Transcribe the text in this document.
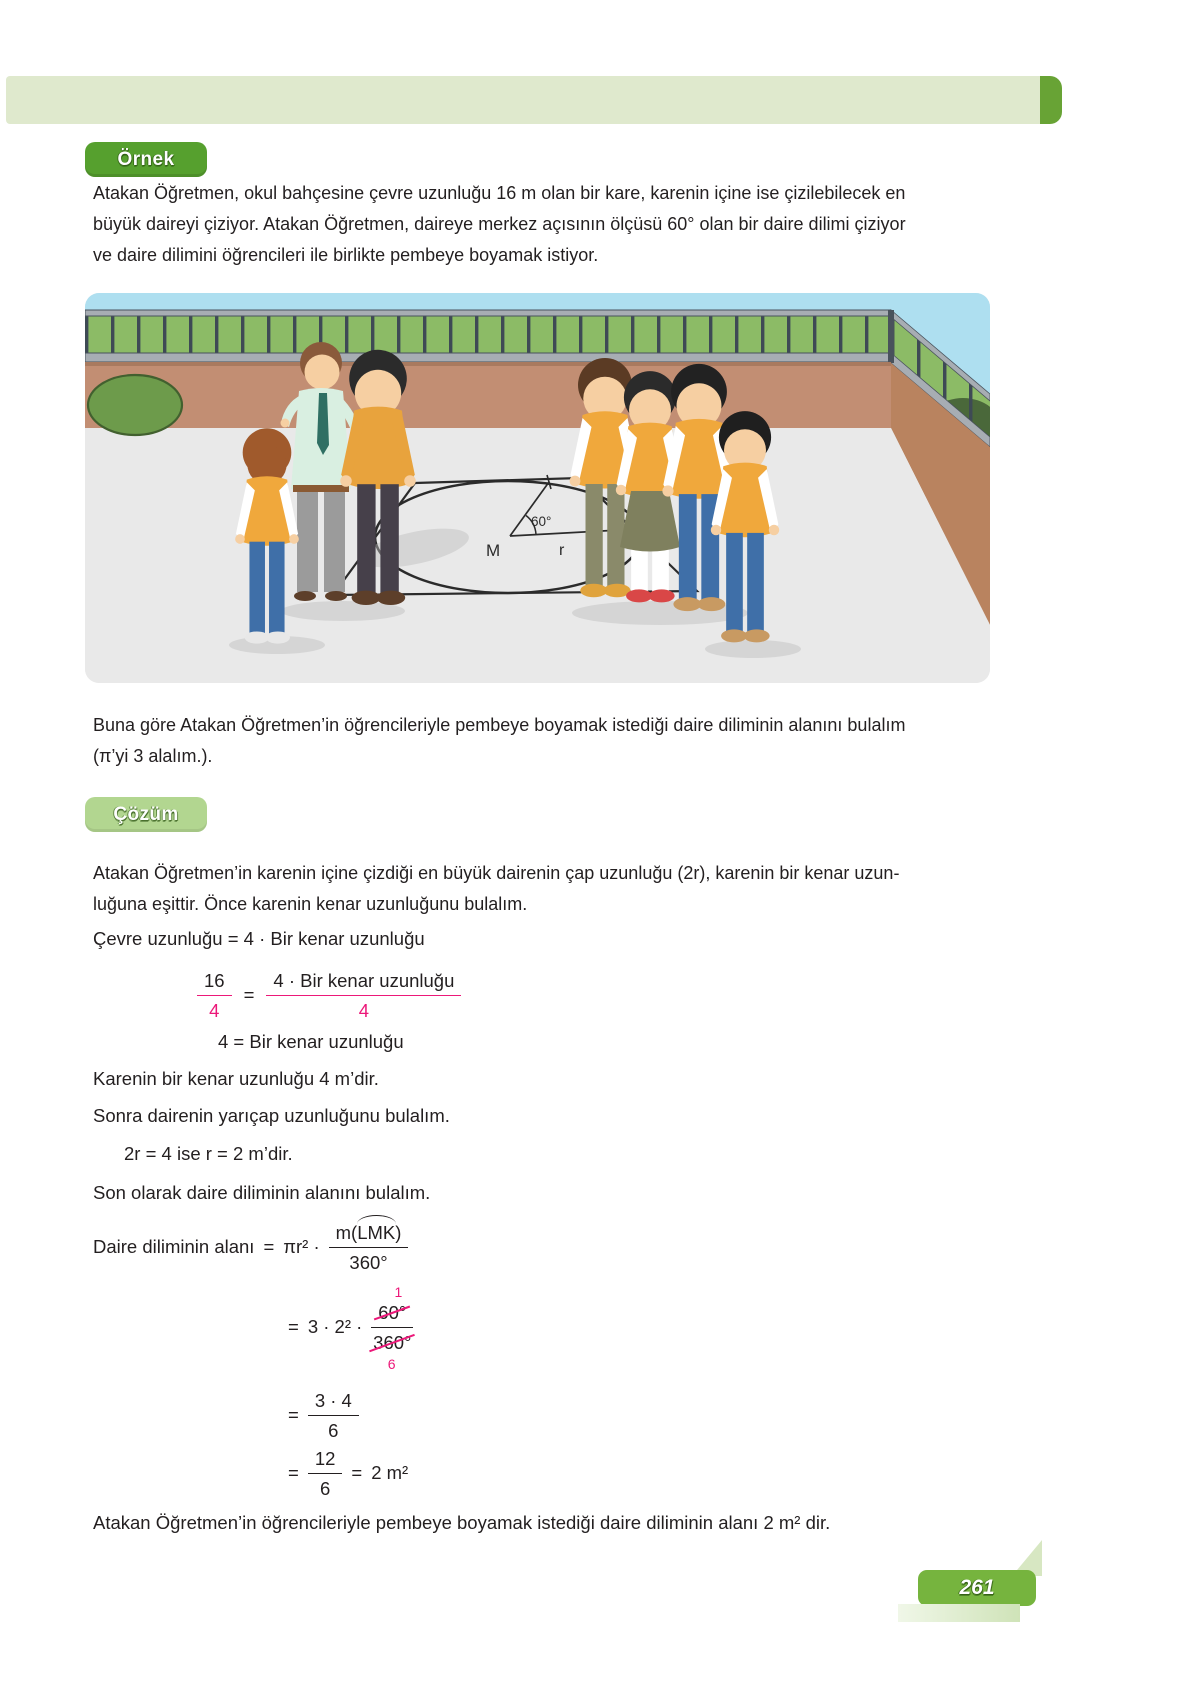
Örnek
Atakan Öğretmen, okul bahçesine çevre uzunluğu 16 m olan bir kare, karenin içine ise çizilebilecek en
büyük daireyi çiziyor. Atakan Öğretmen, daireye merkez açısının ölçüsü 60° olan bir daire dilimi çiziyor
ve daire dilimini öğrencileri ile birlikte pembeye boyamak istiyor.
60°
M	r
Buna göre Atakan Öğretmen’in öğrencileriyle pembeye boyamak istediği daire diliminin alanını bulalım
(π’yi 3 alalım.).
Çözüm
Atakan Öğretmen’in karenin içine çizdiği en büyük dairenin çap uzunluğu (2r), karenin bir kenar uzun-
luğuna eşittir. Önce karenin kenar uzunluğunu bulalım.
Çevre uzunluğu = 4 · Bir kenar uzunluğu
$\frac{16}{4} = \frac{\text{4 · Bir kenar uzunluğu}}{4}$
4 = Bir kenar uzunluğu
Karenin bir kenar uzunluğu 4 m’dir.
Sonra dairenin yarıçap uzunluğunu bulalım.
2r = 4 ise r = 2 m’dir.
Son olarak daire diliminin alanını bulalım.
Daire diliminin alanı = $\pi r^2 \cdot \frac{\text{m(LMK)}}{360^\circ}$
= 3 · 2² · 60°
1
360°
6
= $\frac{3 \cdot 4}{6}$
= $\frac{12}{6} = 2$ m²
Atakan Öğretmen’in öğrencileriyle pembeye boyamak istediği daire diliminin alanı 2 m² dir.
261
